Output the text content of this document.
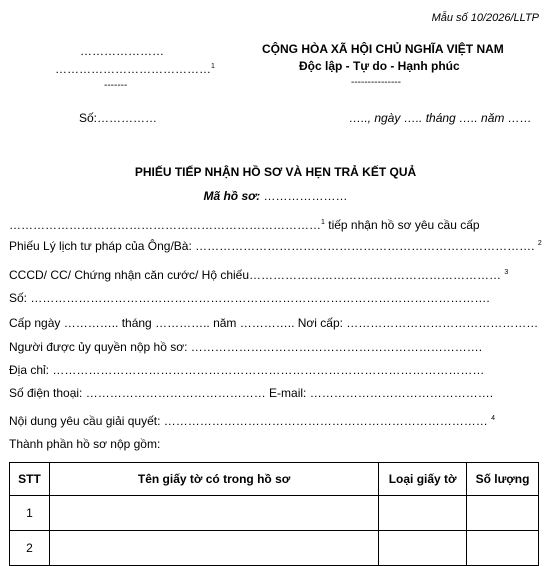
Mẫu số 10/2026/LLTP
…………………
…………………………………$^1$
-------
CỘNG HÒA XÃ HỘI CHỦ NGHĨA VIỆT NAM
Độc lập - Tự do - Hạnh phúc
---------------
Số:……………	….., ngày ….. tháng ….. năm ……
PHIẾU TIẾP NHẬN HỒ SƠ VÀ HẸN TRẢ KẾT QUẢ
Mã hồ sơ: …………………
……………………………………………………………………$^1$ tiếp nhận hồ sơ yêu cầu cấp
Phiếu Lý lịch tư pháp của Ông/Bà: …………………………………………………………………………. $^2$
CCCD/ CC/ Chứng nhận căn cước/ Hộ chiếu……………………………………………………… $^3$
Số: …………………………………………………………………………………………………….
Cấp ngày ………….. tháng ………….. năm ………….. Nơi cấp: …………………………………………
Người được ủy quyền nộp hồ sơ: ……………………………………………………………….
Địa chỉ: ………………………………………………………………………………………………
Số điện thoại: ……………………………………… E-mail: ……………………………………….
Nội dung yêu cầu giải quyết: ……………………………………………………………………… $^4$
Thành phần hồ sơ nộp gồm:
STT	Tên giấy tờ có trong hồ sơ	Loại giấy tờ	Số lượng
1			
2			
